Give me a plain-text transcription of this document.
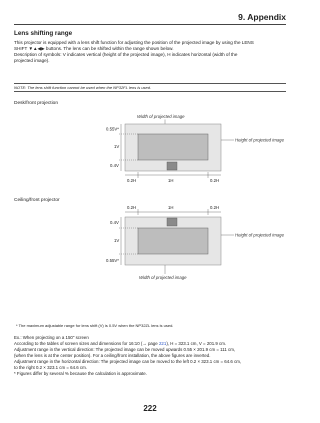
9. Appendix
Lens shifting range
This projector is equipped with a lens shift function for adjusting the position of the projected image by using the LENS
SHIFT ▼▲◀▶ buttons. The lens can be shifted within the range shown below.
Description of symbols: V indicates vertical (height of the projected image), H indicates horizontal (width of the
projected image).
NOTE: The lens shift function cannot be used when the NP32FL lens is used.
Desk/front projection
Width of projected image
0.55V*
1V
0.4V
Height of projected image
0.2H	1H	0.2H
Ceiling/front projector
0.2H	1H	0.2H
0.4V
1V
0.55V*
Height of projected image
Width of projected image
* The maximum adjustable range for lens shift (V) is 0.5V when the NP32ZL lens is used.
Ex.: When projecting on a 150" screen
According to the tables of screen sizes and dimensions for 16:10 (→ page 221), H = 323.1 cm, V = 201.9 cm.
Adjustment range in the vertical direction: The projected image can be moved upwards 0.55 × 201.9 cm = 111 cm,
(when the lens is at the center position). For a ceiling/front installation, the above figures are inverted.
Adjustment range in the horizontal direction: The projected image can be moved to the left 0.2 × 323.1 cm = 64.6 cm,
to the right 0.2 × 323.1 cm = 64.6 cm.
* Figures differ by several % because the calculation is approximate.
222
